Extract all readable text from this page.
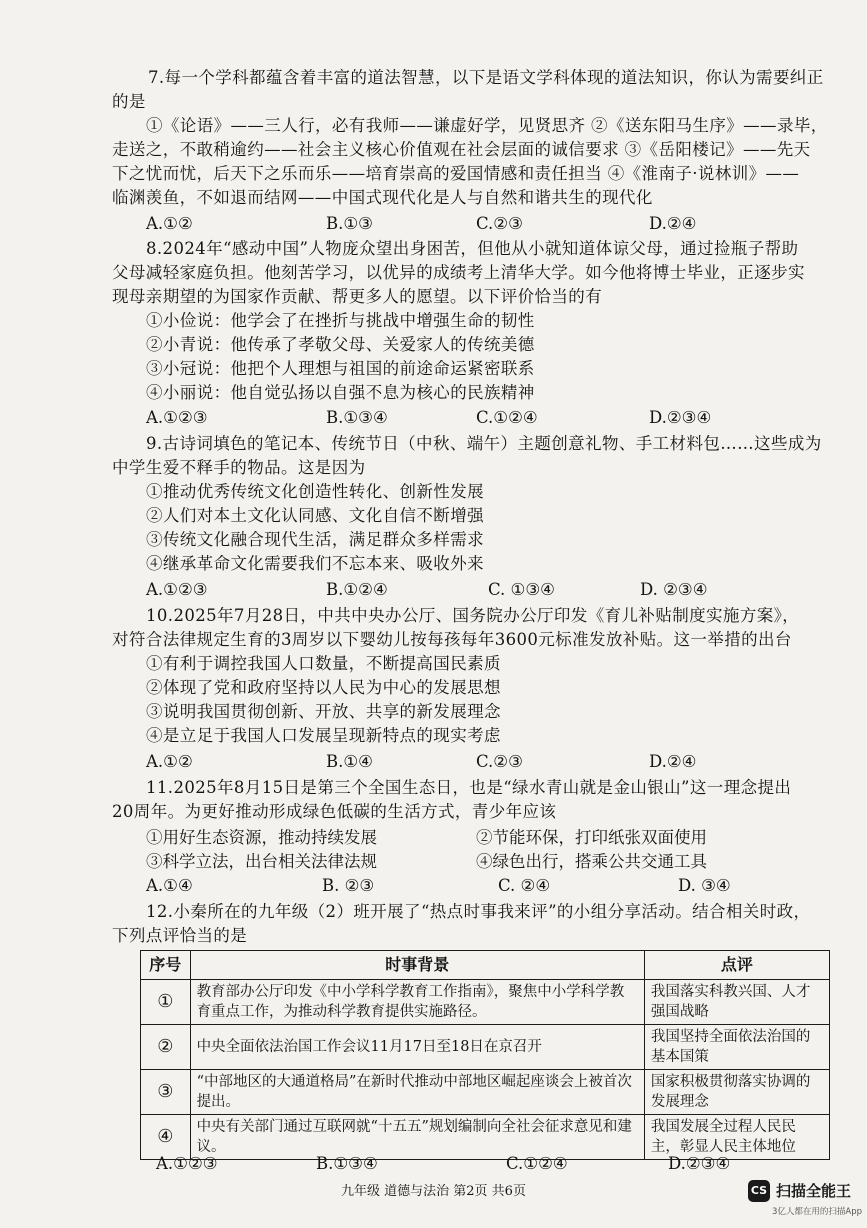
7.每一个学科都蕴含着丰富的道法智慧，以下是语文学科体现的道法知识，你认为需要纠正
的是
①《论语》——三人行，必有我师——谦虚好学，见贤思齐 ②《送东阳马生序》——录毕，
走送之，不敢稍逾约——社会主义核心价值观在社会层面的诚信要求 ③《岳阳楼记》——先天
下之忧而忧，后天下之乐而乐——培育崇高的爱国情感和责任担当 ④《淮南子·说林训》——
临渊羡鱼，不如退而结网——中国式现代化是人与自然和谐共生的现代化
A.①②	B.①③	C.②③	D.②④
8.2024年“感动中国”人物庞众望出身困苦，但他从小就知道体谅父母，通过捡瓶子帮助
父母减轻家庭负担。他刻苦学习，以优异的成绩考上清华大学。如今他将博士毕业，正逐步实
现母亲期望的为国家作贡献、帮更多人的愿望。以下评价恰当的有
①小俭说：他学会了在挫折与挑战中增强生命的韧性
②小青说：他传承了孝敬父母、关爱家人的传统美德
③小冠说：他把个人理想与祖国的前途命运紧密联系
④小丽说：他自觉弘扬以自强不息为核心的民族精神
A.①②③	B.①③④	C.①②④	D.②③④
9.古诗词填色的笔记本、传统节日（中秋、端午）主题创意礼物、手工材料包……这些成为
中学生爱不释手的物品。这是因为
①推动优秀传统文化创造性转化、创新性发展
②人们对本土文化认同感、文化自信不断增强
③传统文化融合现代生活，满足群众多样需求
④继承革命文化需要我们不忘本来、吸收外来
A.①②③	B.①②④	C. ①③④	D. ②③④
10.2025年7月28日，中共中央办公厅、国务院办公厅印发《育儿补贴制度实施方案》，
对符合法律规定生育的3周岁以下婴幼儿按每孩每年3600元标准发放补贴。这一举措的出台
①有利于调控我国人口数量，不断提高国民素质
②体现了党和政府坚持以人民为中心的发展思想
③说明我国贯彻创新、开放、共享的新发展理念
④是立足于我国人口发展呈现新特点的现实考虑
A.①②	B.①④	C.②③	D.②④
11.2025年8月15日是第三个全国生态日，也是“绿水青山就是金山银山”这一理念提出
20周年。为更好推动形成绿色低碳的生活方式，青少年应该
①用好生态资源，推动持续发展	②节能环保，打印纸张双面使用
③科学立法，出台相关法律法规	④绿色出行，搭乘公共交通工具
12.小秦所在的九年级（2）班开展了“热点时事我来评”的小组分享活动。结合相关时政，
下列点评恰当的是
序号	时事背景	点评
①	教育部办公厅印发《中小学科学教育工作指南》，聚焦中小学科学教育重点工作，为推动科学教育提供实施路径。	我国落实科教兴国、人才强国战略
②	中央全面依法治国工作会议11月17日至18日在京召开	我国坚持全面依法治国的基本国策
③	“中部地区的大通道格局”在新时代推动中部地区崛起座谈会上被首次提出。	国家积极贯彻落实协调的发展理念
④	中央有关部门通过互联网就“十五五”规划编制向全社会征求意见和建议。	我国发展全过程人民民主，彰显人民主体地位
A.①②③	B.①③④	C.①②④	D.②③④
九年级 道德与法治 第2页 共6页	CS 扫描全能王
3亿人都在用的扫描App
A.①④	B. ②③	C. ②④	D. ③④
